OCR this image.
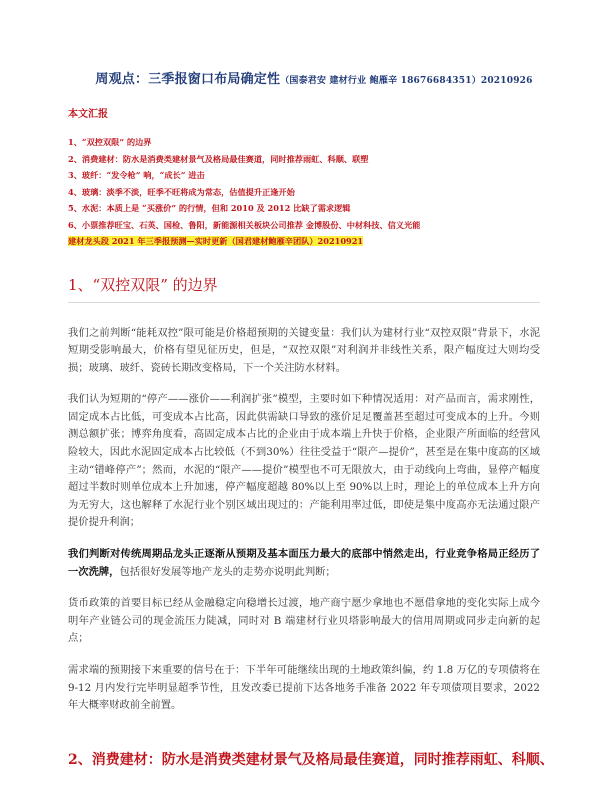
周观点：三季报窗口布局确定性（国泰君安 建材行业 鲍雁辛 18676684351）20210926
本文汇报
1、“双控双限” 的边界
2、消费建材：防水是消费类建材景气及格局最佳赛道，同时推荐雨虹、科顺、联塑
3、玻纤：“发令枪” 响，“成长” 进击
4、玻璃：淡季不淡，旺季不旺将成为常态，估值提升正逢开始
5、水泥：本质上是 “买涨价” 的行情，但和 2010 及 2012 比缺了需求逻辑
6、小票推荐旺宝、石英、国检、鲁阳，新能源相关板块公司推荐 金博股份、中材科技、信义光能
建材龙头段 2021 年三季报预测—实时更新（国君建材鲍雁辛团队）20210921
1、“双控双限” 的边界

我们之前判断“能耗双控”限可能是价格超预期的关键变量：我们认为建材行业“双控双限”背景下，水泥短期受影响最大，价格有望见征历史，但是，“双控双限”对利润并非线性关系，限产幅度过大则均受损；玻璃、玻纤、瓷砖长期改变格局，下一个关注防水材料。

我们认为短期的“停产——涨价——利润扩张”模型，主要时如下种情况适用：对产品而言，需求刚性，固定成本占比低，可变成本占比高，因此供需缺口导致的涨价足足覆盖甚至超过可变成本的上升。今则测总额扩张；博弈角度看，高固定成本占比的企业由于成本端上升快于价格，企业限产所面临的经营风险较大，因此水泥固定成本占比较低（不到30%）往往受益于“限产—提价”，甚至是在集中度高的区域主动“错峰停产”；然而，水泥的“限产——提价”模型也不可无限放大，由于动线向上弯曲，显停产幅度超过半数时则单位成本上升加速，停产幅度超越 80%以上至 90%以上时，理论上的单位成本上升方向为无穷大，这也解释了水泥行业个别区域出现过的：产能利用率过低，即使是集中度高亦无法通过限产提价提升利润；

我们判断对传统周期品龙头正逐渐从预期及基本面压力最大的底部中悄然走出，行业竞争格局正经历了一次洗牌，包括很好发展等地产龙头的走势亦说明此判断；

货币政策的首要目标已经从金融稳定向稳增长过渡，地产商宁愿少拿地也不愿借拿地的变化实际上成今明年产业链公司的现金流压力陡减，同时对 B 端建材行业贝塔影响最大的信用周期或同步走向新的起点；

需求端的预期接下来重要的信号在于：下半年可能继续出现的土地政策纠偏，约 1.8 万亿的专项债将在 9-12 月内发行完毕明显超季节性，且发改委已提前下达各地务手准备 2022 年专项债项目要求，2022 年大概率财政前全前置。

2、消费建材：防水是消费类建材景气及格局最佳赛道，同时推荐雨虹、科顺、
